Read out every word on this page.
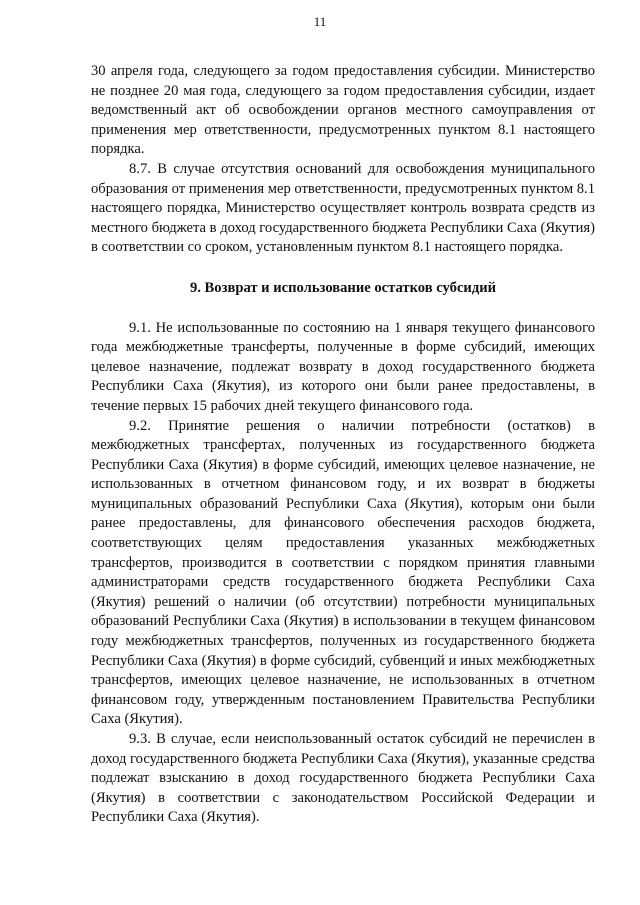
11

30 апреля года, следующего за годом предоставления субсидии. Министерство не позднее 20 мая года, следующего за годом предоставления субсидии, издает ведомственный акт об освобождении органов местного самоуправления от применения мер ответственности, предусмотренных пунктом 8.1 настоящего порядка.

8.7. В случае отсутствия оснований для освобождения муниципального образования от применения мер ответственности, предусмотренных пунктом 8.1 настоящего порядка, Министерство осуществляет контроль возврата средств из местного бюджета в доход государственного бюджета Республики Саха (Якутия) в соответствии со сроком, установленным пунктом 8.1 настоящего порядка.

9. Возврат и использование остатков субсидий

9.1. Не использованные по состоянию на 1 января текущего финансового года межбюджетные трансферты, полученные в форме субсидий, имеющих целевое назначение, подлежат возврату в доход государственного бюджета Республики Саха (Якутия), из которого они были ранее предоставлены, в течение первых 15 рабочих дней текущего финансового года.

9.2. Принятие решения о наличии потребности (остатков) в межбюджетных трансфертах, полученных из государственного бюджета Республики Саха (Якутия) в форме субсидий, имеющих целевое назначение, не использованных в отчетном финансовом году, и их возврат в бюджеты муниципальных образований Республики Саха (Якутия), которым они были ранее предоставлены, для финансового обеспечения расходов бюджета, соответствующих целям предоставления указанных межбюджетных трансфертов, производится в соответствии с порядком принятия главными администраторами средств государственного бюджета Республики Саха (Якутия) решений о наличии (об отсутствии) потребности муниципальных образований Республики Саха (Якутия) в использовании в текущем финансовом году межбюджетных трансфертов, полученных из государственного бюджета Республики Саха (Якутия) в форме субсидий, субвенций и иных межбюджетных трансфертов, имеющих целевое назначение, не использованных в отчетном финансовом году, утвержденным постановлением Правительства Республики Саха (Якутия).

9.3. В случае, если неиспользованный остаток субсидий не перечислен в доход государственного бюджета Республики Саха (Якутия), указанные средства подлежат взысканию в доход государственного бюджета Республики Саха (Якутия) в соответствии с законодательством Российской Федерации и Республики Саха (Якутия).
